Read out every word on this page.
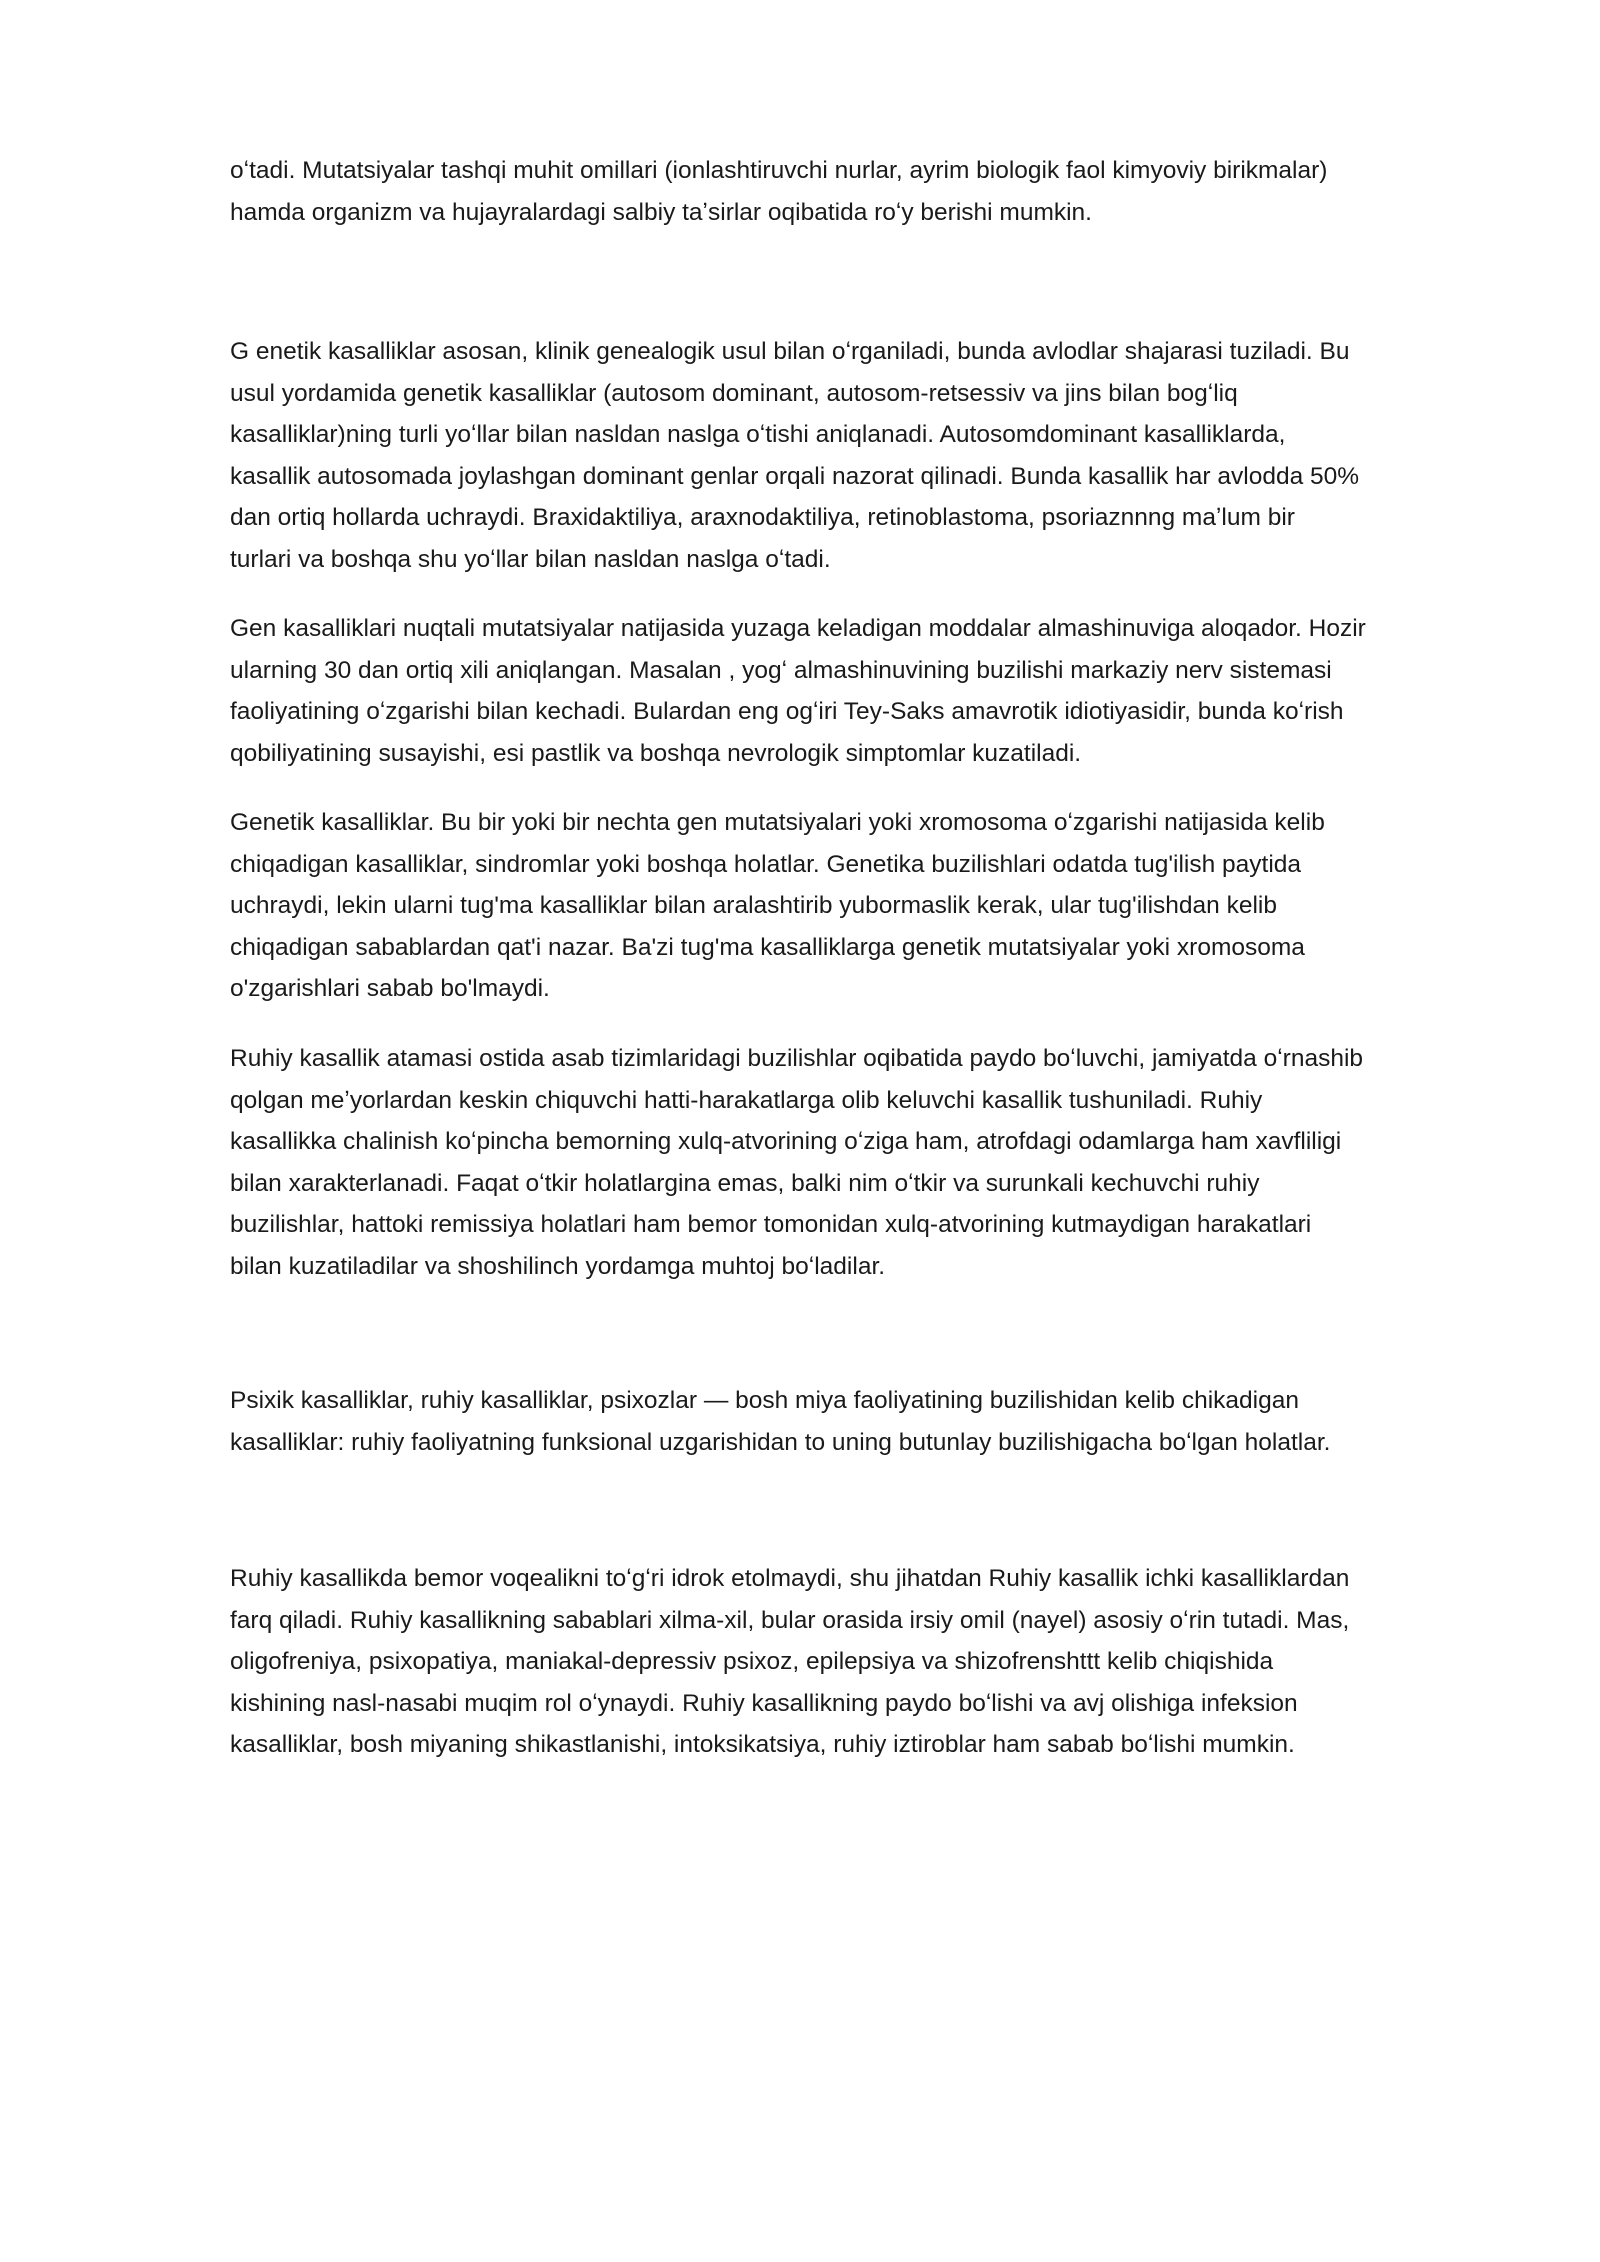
oʻtadi. Mutatsiyalar tashqi muhit omillari (ionlashtiruvchi nurlar, ayrim biologik faol kimyoviy birikmalar)
hamda organizm va hujayralardagi salbiy taʼsirlar oqibatida roʻy berishi mumkin.
G enetik kasalliklar asosan, klinik genealogik usul bilan oʻrganiladi, bunda avlodlar shajarasi tuziladi. Bu
usul yordamida genetik kasalliklar (autosom dominant, autosom-retsessiv va jins bilan bogʻliq
kasalliklar)ning turli yoʻllar bilan nasldan naslga oʻtishi aniqlanadi. Autosomdominant kasalliklarda,
kasallik autosomada joylashgan dominant genlar orqali nazorat qilinadi. Bunda kasallik har avlodda 50%
dan ortiq hollarda uchraydi. Braxidaktiliya, araxnodaktiliya, retinoblastoma, psoriaznnng maʼlum bir
turlari va boshqa shu yoʻllar bilan nasldan naslga oʻtadi.
Gen kasalliklari nuqtali mutatsiyalar natijasida yuzaga keladigan moddalar almashinuviga aloqador. Hozir
ularning 30 dan ortiq xili aniqlangan. Masalan , yogʻ almashinuvining buzilishi markaziy nerv sistemasi
faoliyatining oʻzgarishi bilan kechadi. Bulardan eng ogʻiri Tey-Saks amavrotik idiotiyasidir, bunda koʻrish
qobiliyatining susayishi, esi pastlik va boshqa nevrologik simptomlar kuzatiladi.
Genetik kasalliklar. Bu bir yoki bir nechta gen mutatsiyalari yoki xromosoma oʻzgarishi natijasida kelib
chiqadigan kasalliklar, sindromlar yoki boshqa holatlar. Genetika buzilishlari odatda tug'ilish paytida
uchraydi, lekin ularni tug'ma kasalliklar bilan aralashtirib yubormaslik kerak, ular tug'ilishdan kelib
chiqadigan sabablardan qat'i nazar. Ba'zi tug'ma kasalliklarga genetik mutatsiyalar yoki xromosoma
o'zgarishlari sabab bo'lmaydi.
Ruhiy kasallik atamasi ostida asab tizimlaridagi buzilishlar oqibatida paydo boʻluvchi, jamiyatda oʻrnashib
qolgan meʼyorlardan keskin chiquvchi hatti-harakatlarga olib keluvchi kasallik tushuniladi. Ruhiy
kasallikka chalinish koʻpincha bemorning xulq-atvorining oʻziga ham, atrofdagi odamlarga ham xavfliligi
bilan xarakterlanadi. Faqat oʻtkir holatlargina emas, balki nim oʻtkir va surunkali kechuvchi ruhiy
buzilishlar, hattoki remissiya holatlari ham bemor tomonidan xulq-atvorining kutmaydigan harakatlari
bilan kuzatiladilar va shoshilinch yordamga muhtoj boʻladilar.
Psixik kasalliklar, ruhiy kasalliklar, psixozlar — bosh miya faoliyatining buzilishidan kelib chikadigan
kasalliklar: ruhiy faoliyatning funksional uzgarishidan to uning butunlay buzilishigacha boʻlgan holatlar.
Ruhiy kasallikda bemor voqealikni toʻgʻri idrok etolmaydi, shu jihatdan Ruhiy kasallik ichki kasalliklardan
farq qiladi. Ruhiy kasallikning sabablari xilma-xil, bular orasida irsiy omil (nayel) asosiy oʻrin tutadi. Mas,
oligofreniya, psixopatiya, maniakal-depressiv psixoz, epilepsiya va shizofrenshttt kelib chiqishida
kishining nasl-nasabi muqim rol oʻynaydi. Ruhiy kasallikning paydo boʻlishi va avj olishiga infeksion
kasalliklar, bosh miyaning shikastlanishi, intoksikatsiya, ruhiy iztiroblar ham sabab boʻlishi mumkin.
